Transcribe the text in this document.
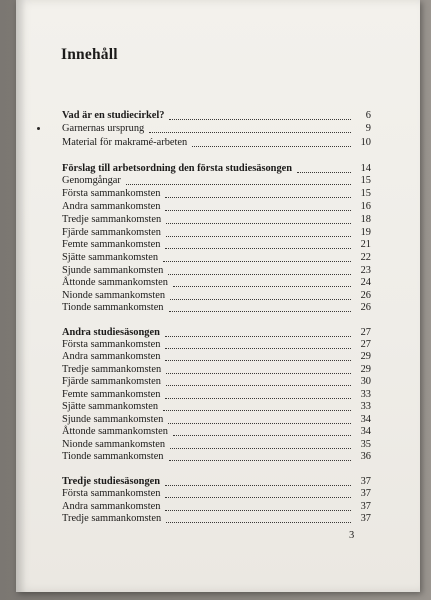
Innehåll
Vad är en studiecirkel?	6
Garnernas ursprung	9
Material för makramé-arbeten	10
Förslag till arbetsordning den första studiesäsongen	14
Genomgångar	15
Första sammankomsten	15
Andra sammankomsten	16
Tredje sammankomsten	18
Fjärde sammankomsten	19
Femte sammankomsten	21
Sjätte sammankomsten	22
Sjunde sammankomsten	23
Åttonde sammankomsten	24
Nionde sammankomsten	26
Tionde sammankomsten	26
Andra studiesäsongen	27
Första sammankomsten	27
Andra sammankomsten	29
Tredje sammankomsten	29
Fjärde sammankomsten	30
Femte sammankomsten	33
Sjätte sammankomsten	33
Sjunde sammankomsten	34
Åttonde sammankomsten	34
Nionde sammankomsten	35
Tionde sammankomsten	36
Tredje studiesäsongen	37
Första sammankomsten	37
Andra sammankomsten	37
Tredje sammankomsten	37
3
